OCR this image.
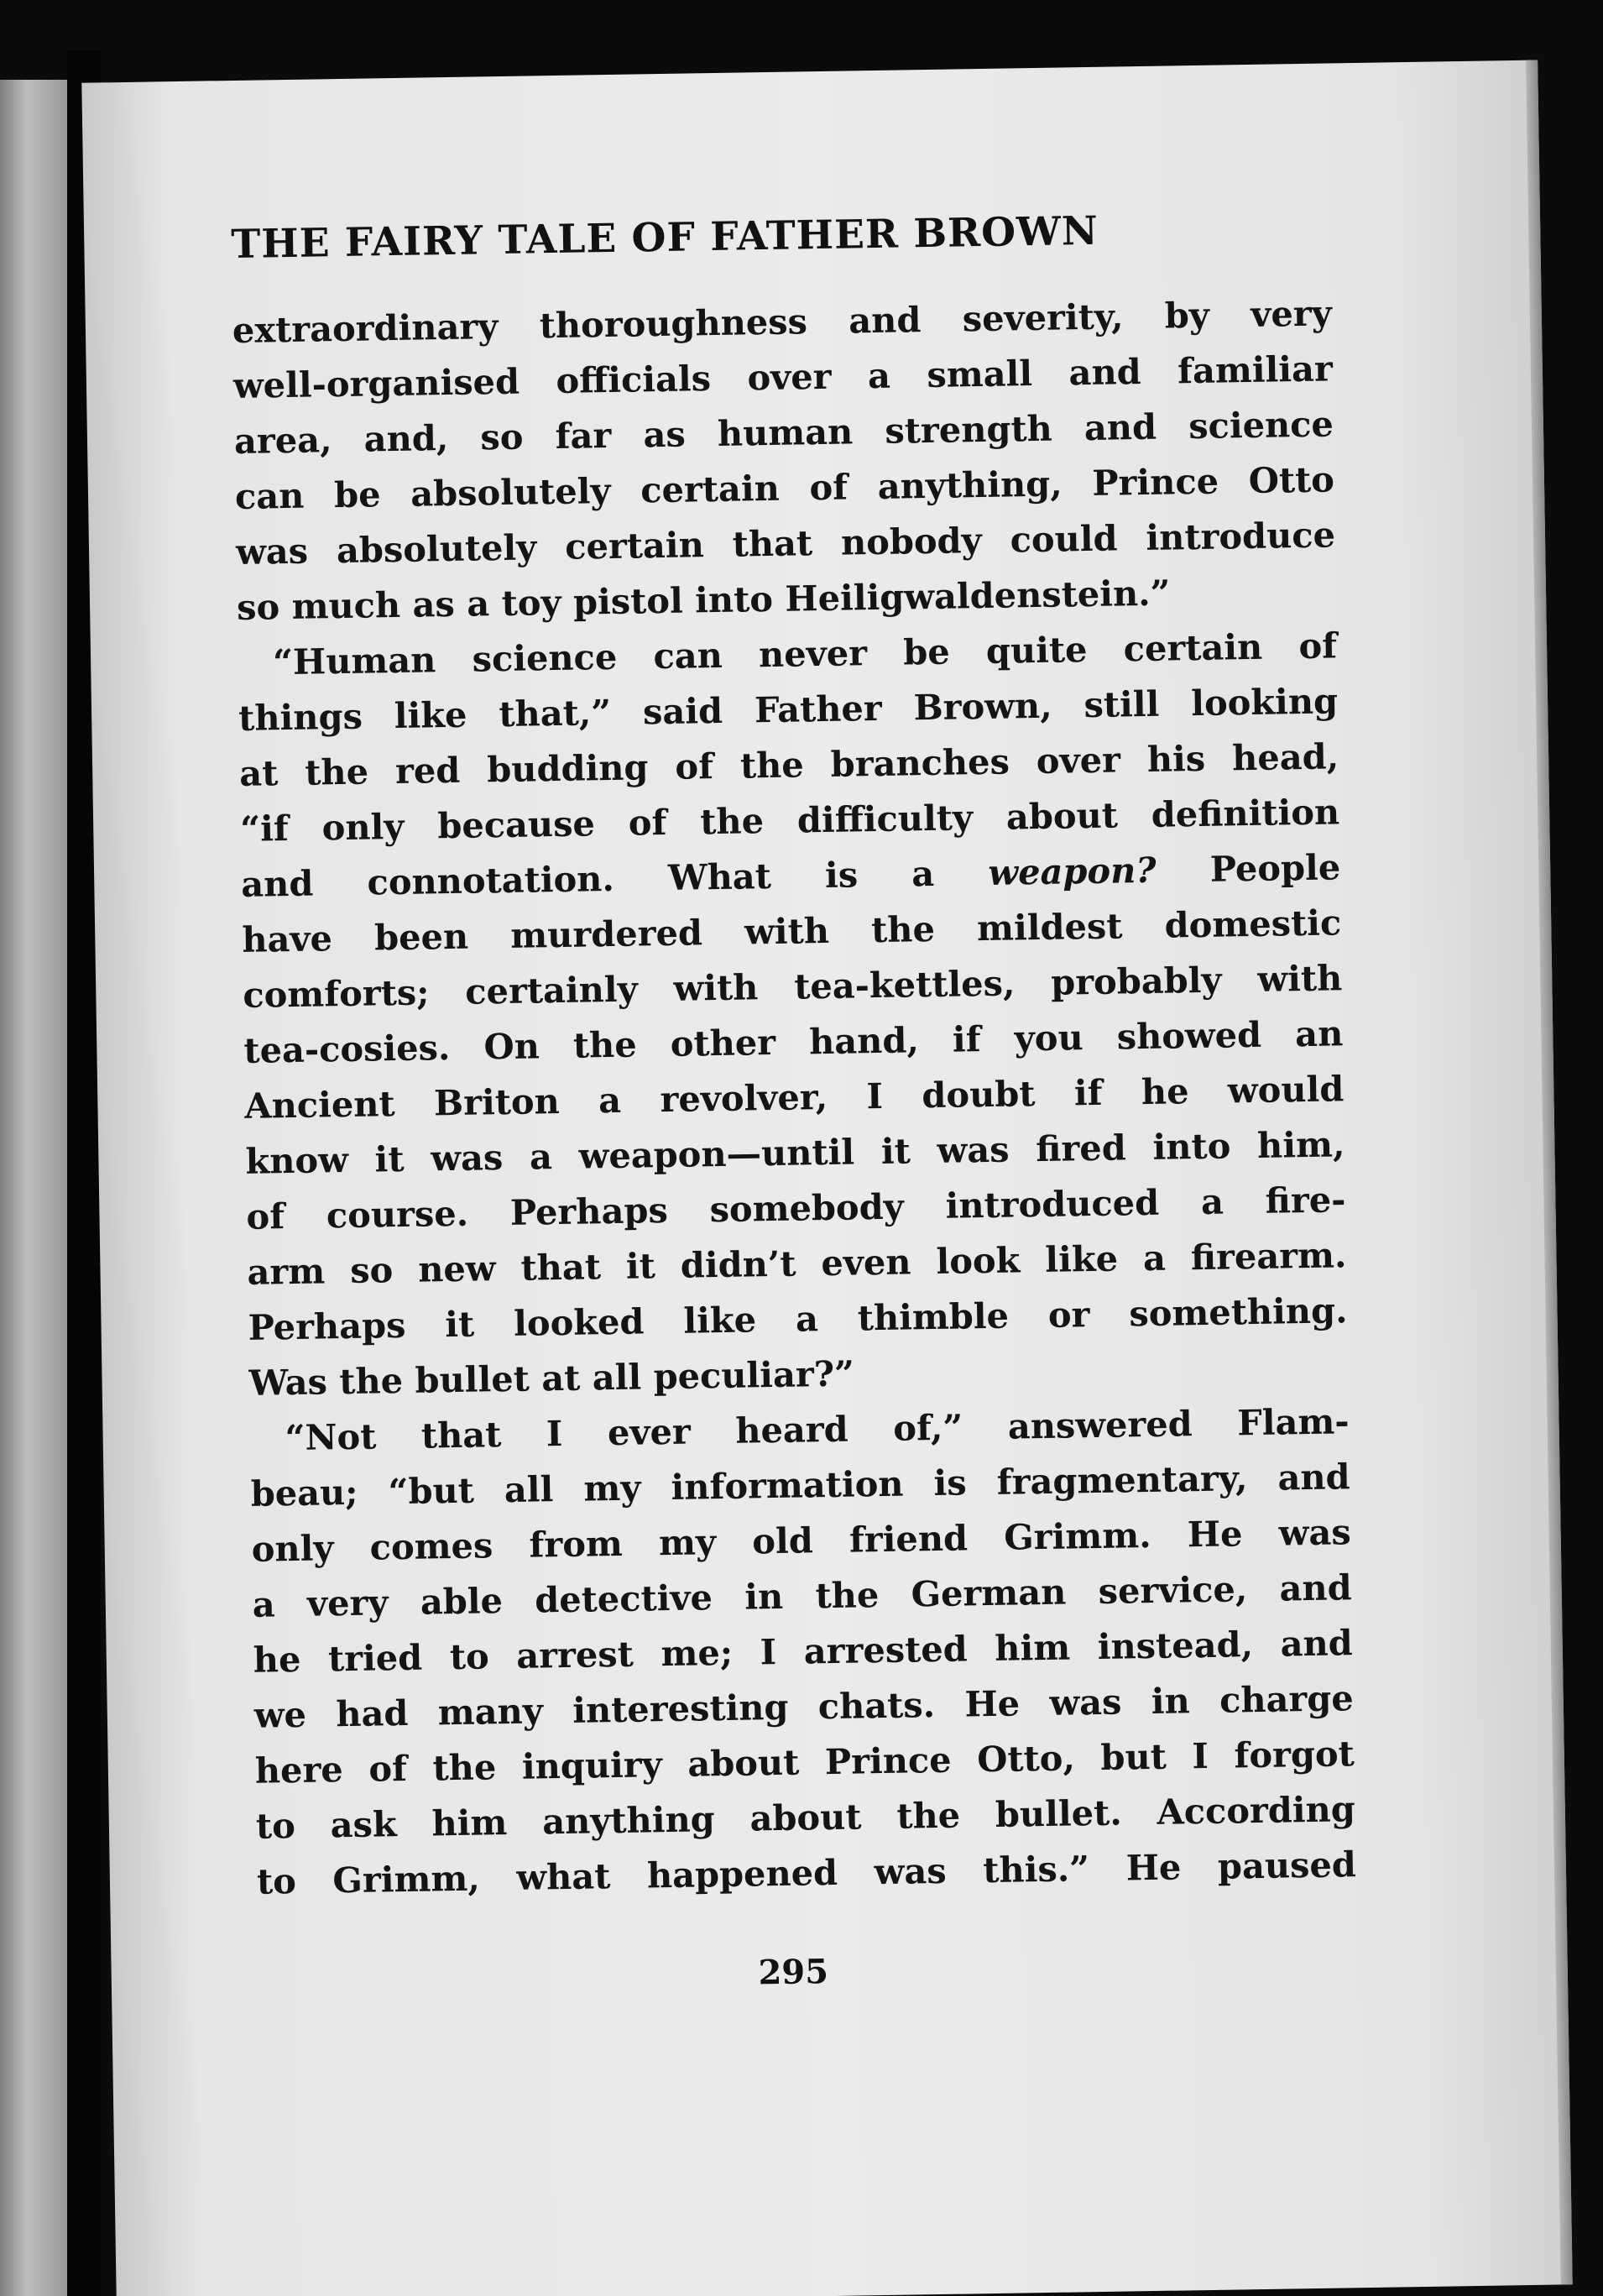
THE FAIRY TALE OF FATHER BROWN
extraordinary thoroughness and severity, by very
well-organised officials over a small and familiar
area, and, so far as human strength and science
can be absolutely certain of anything, Prince Otto
was absolutely certain that nobody could introduce
so much as a toy pistol into Heiligwaldenstein.”
“Human science can never be quite certain of
things like that,” said Father Brown, still looking
at the red budding of the branches over his head,
“if only because of the difficulty about definition
and connotation. What is a weapon? People
have been murdered with the mildest domestic
comforts; certainly with tea-kettles, probably with
tea-cosies. On the other hand, if you showed an
Ancient Briton a revolver, I doubt if he would
know it was a weapon—until it was fired into him,
of course. Perhaps somebody introduced a fire-
arm so new that it didn’t even look like a firearm.
Perhaps it looked like a thimble or something.
Was the bullet at all peculiar?”
“Not that I ever heard of,” answered Flam-
beau; “but all my information is fragmentary, and
only comes from my old friend Grimm. He was
a very able detective in the German service, and
he tried to arrest me; I arrested him instead, and
we had many interesting chats. He was in charge
here of the inquiry about Prince Otto, but I forgot
to ask him anything about the bullet. According
to Grimm, what happened was this.” He paused
295
